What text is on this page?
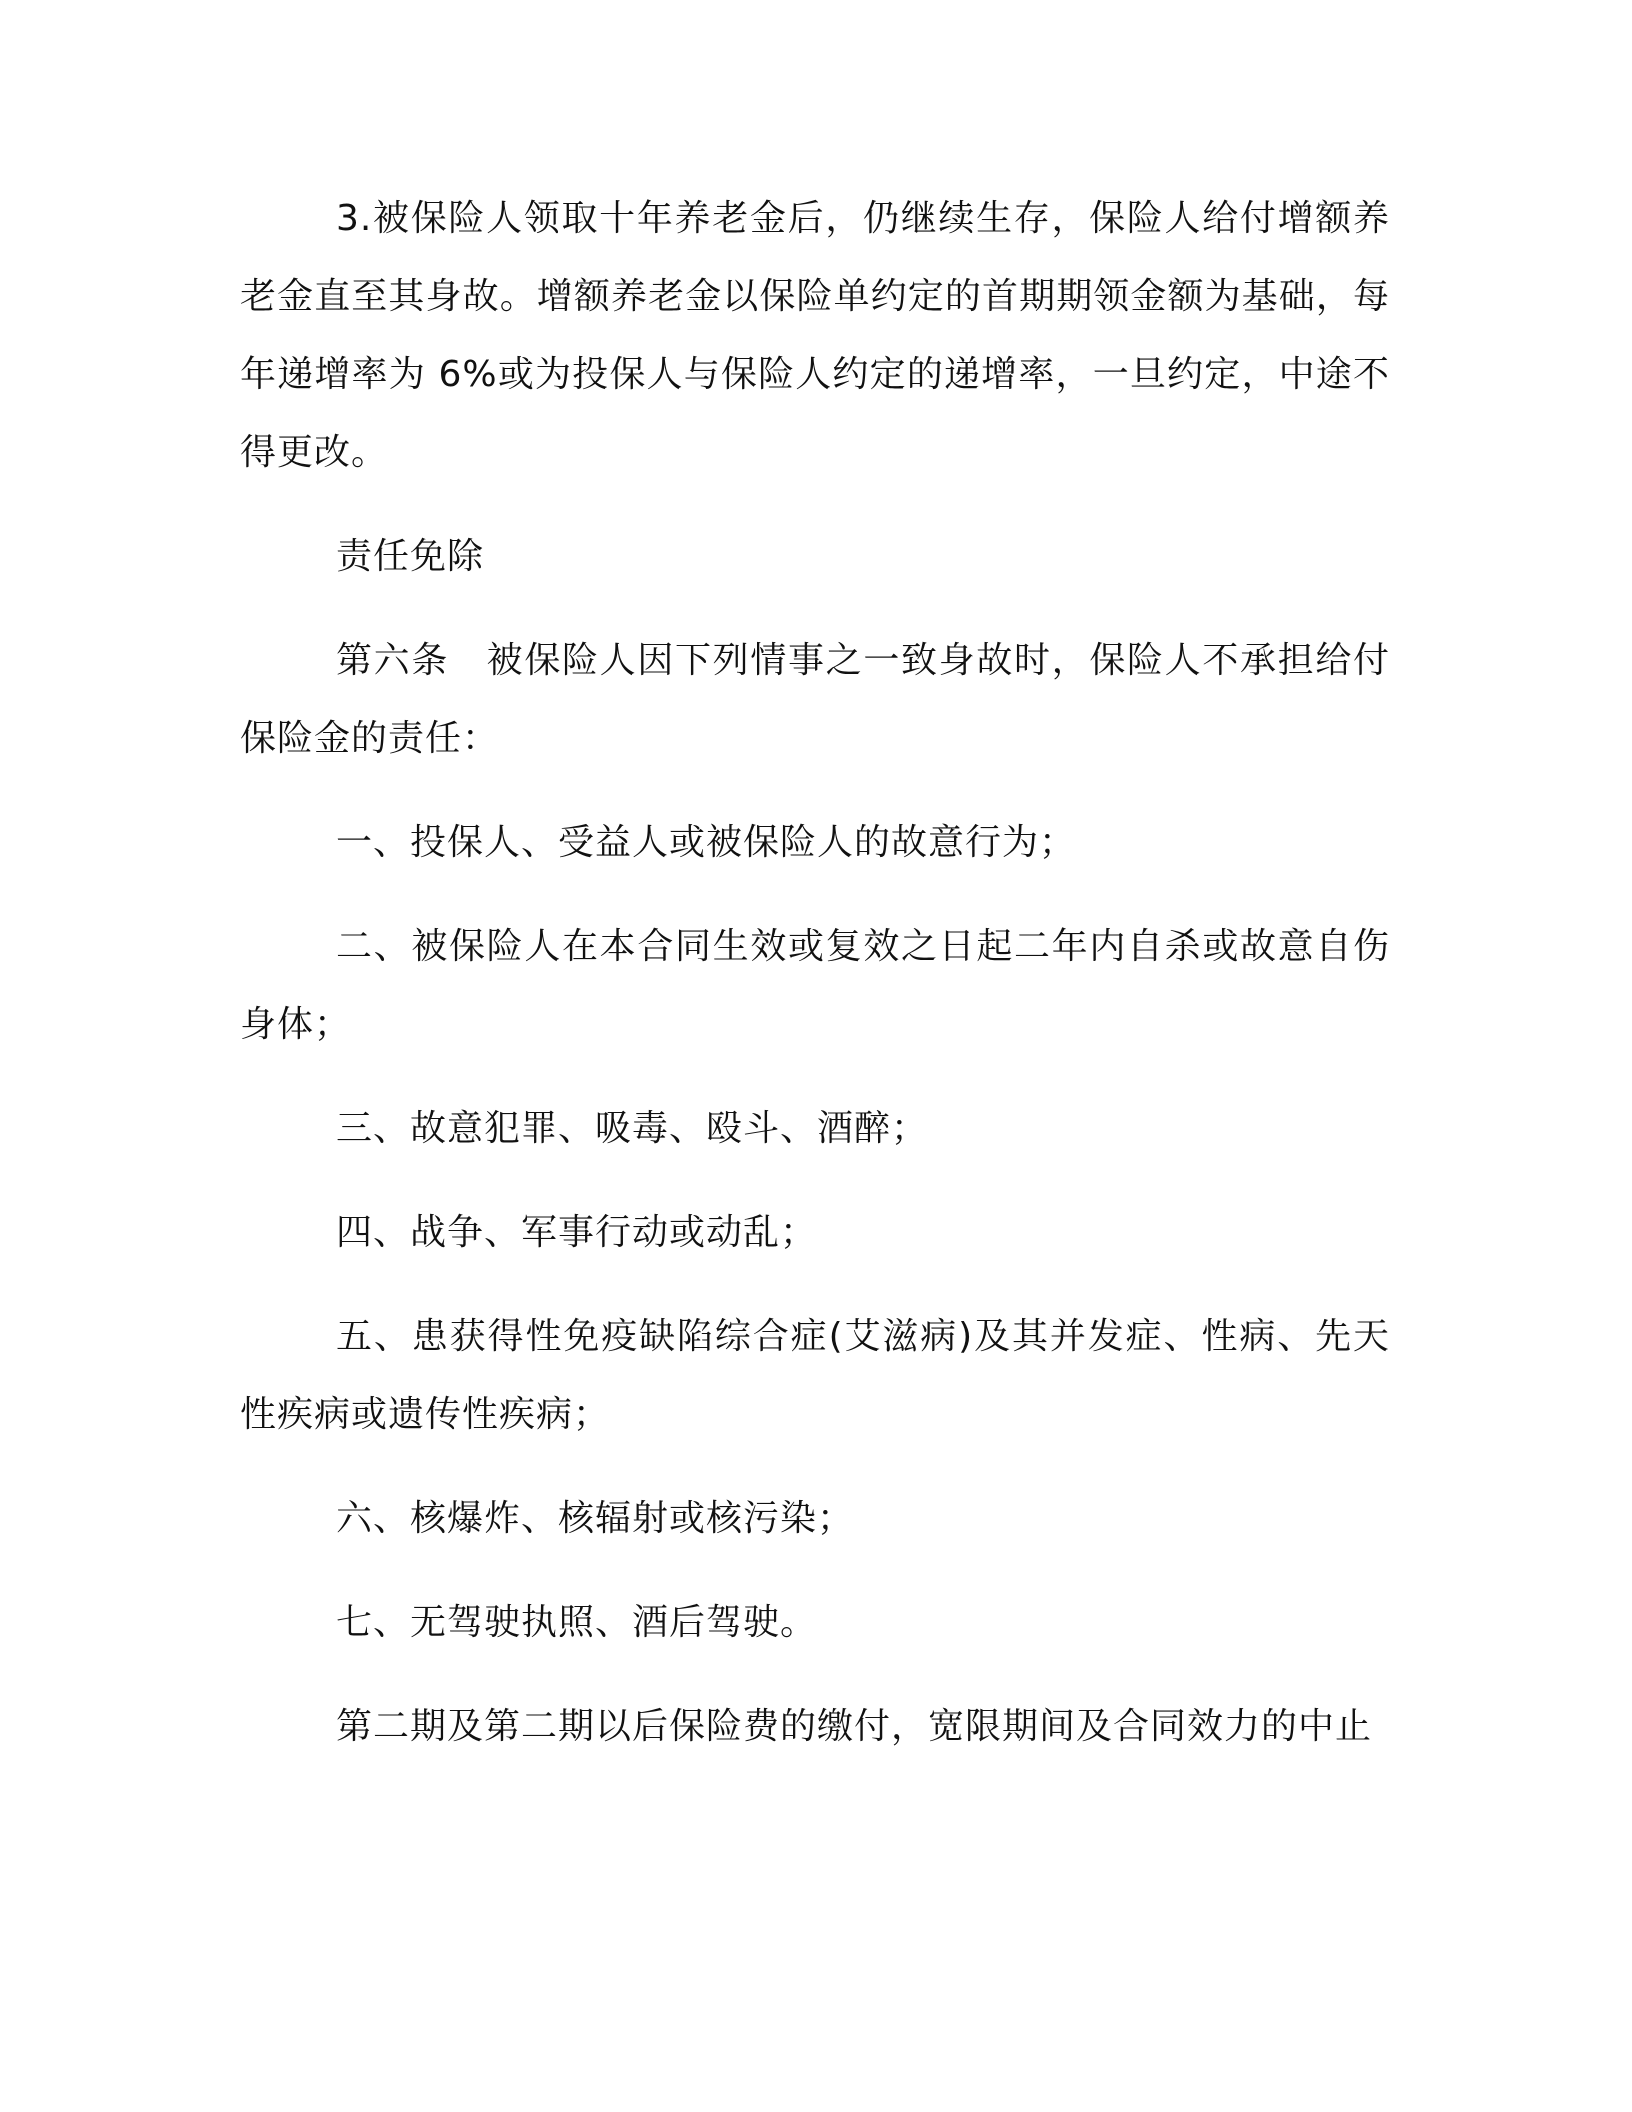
3.被保险人领取十年养老金后，仍继续生存，保险人给付增额养老金直至其身故。增额养老金以保险单约定的首期期领金额为基础，每年递增率为 6%或为投保人与保险人约定的递增率，一旦约定，中途不得更改。

责任免除

第六条　被保险人因下列情事之一致身故时，保险人不承担给付保险金的责任：

一、投保人、受益人或被保险人的故意行为；

二、被保险人在本合同生效或复效之日起二年内自杀或故意自伤身体；

三、故意犯罪、吸毒、殴斗、酒醉；

四、战争、军事行动或动乱；

五、患获得性免疫缺陷综合症(艾滋病)及其并发症、性病、先天性疾病或遗传性疾病；

六、核爆炸、核辐射或核污染；

七、无驾驶执照、酒后驾驶。

第二期及第二期以后保险费的缴付，宽限期间及合同效力的中止
